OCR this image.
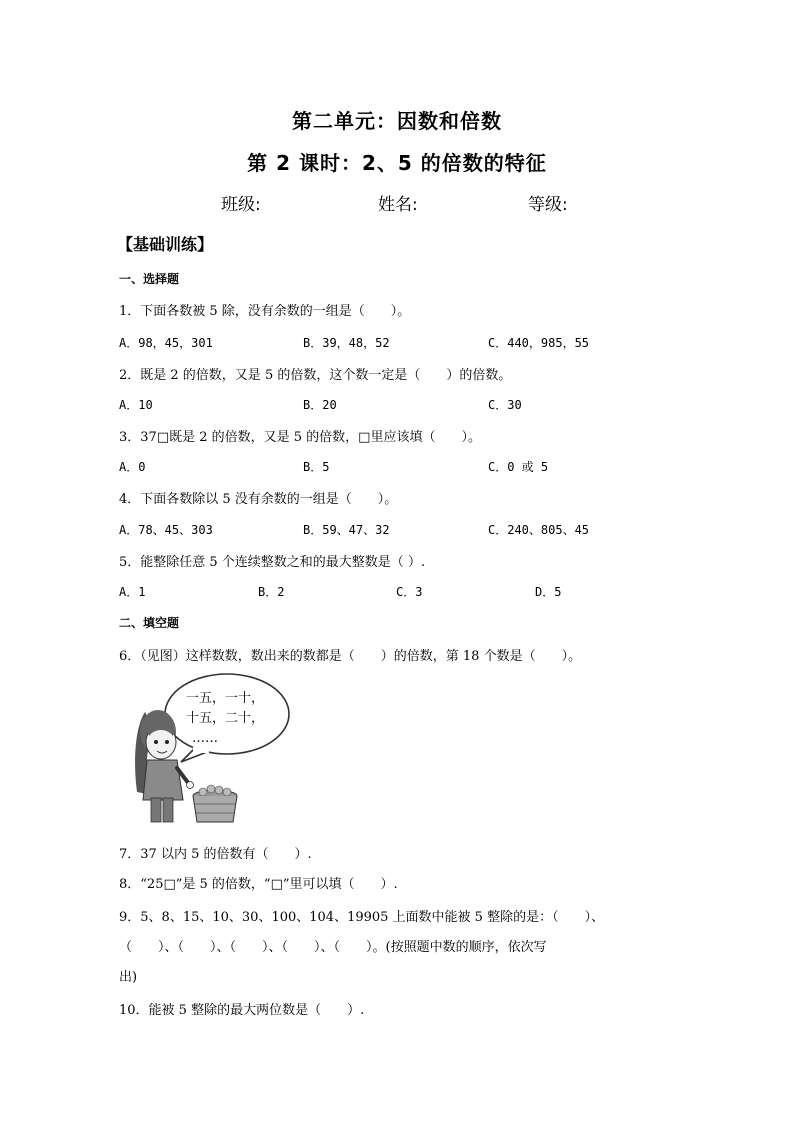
第二单元：因数和倍数
第 2 课时：2、5 的倍数的特征
班级:	姓名:	等级:
【基础训练】
一、选择题
1．下面各数被 5 除，没有余数的一组是（　　）。
A．98，45，301	B．39，48，52	C．440，985，55
2．既是 2 的倍数，又是 5 的倍数，这个数一定是（　　）的倍数。
A．10	B．20	C．30
3．37□既是 2 的倍数，又是 5 的倍数，□里应该填（　　）。
A．0	B．5	C．0 或 5
4．下面各数除以 5 没有余数的一组是（　　）。
A．78、45、303	B．59、47、32	C．240、805、45
5．能整除任意 5 个连续整数之和的最大整数是（ ）.
A．1	B．2	C．3	D．5
二、填空题
6．（见图）这样数数，数出来的数都是（　　）的倍数，第 18 个数是（　　）。
一五，一十，
十五，二十，
……
7．37 以内 5 的倍数有（　　）.
8．“25□”是 5 的倍数，“□”里可以填（　　）.
9．5、8、15、10、30、100、104、19905 上面数中能被 5 整除的是：（　　）、
（　　）、（　　）、（　　）、（　　）、（　　）。(按照题中数的顺序，依次写
出)
10．能被 5 整除的最大两位数是（　　）.
